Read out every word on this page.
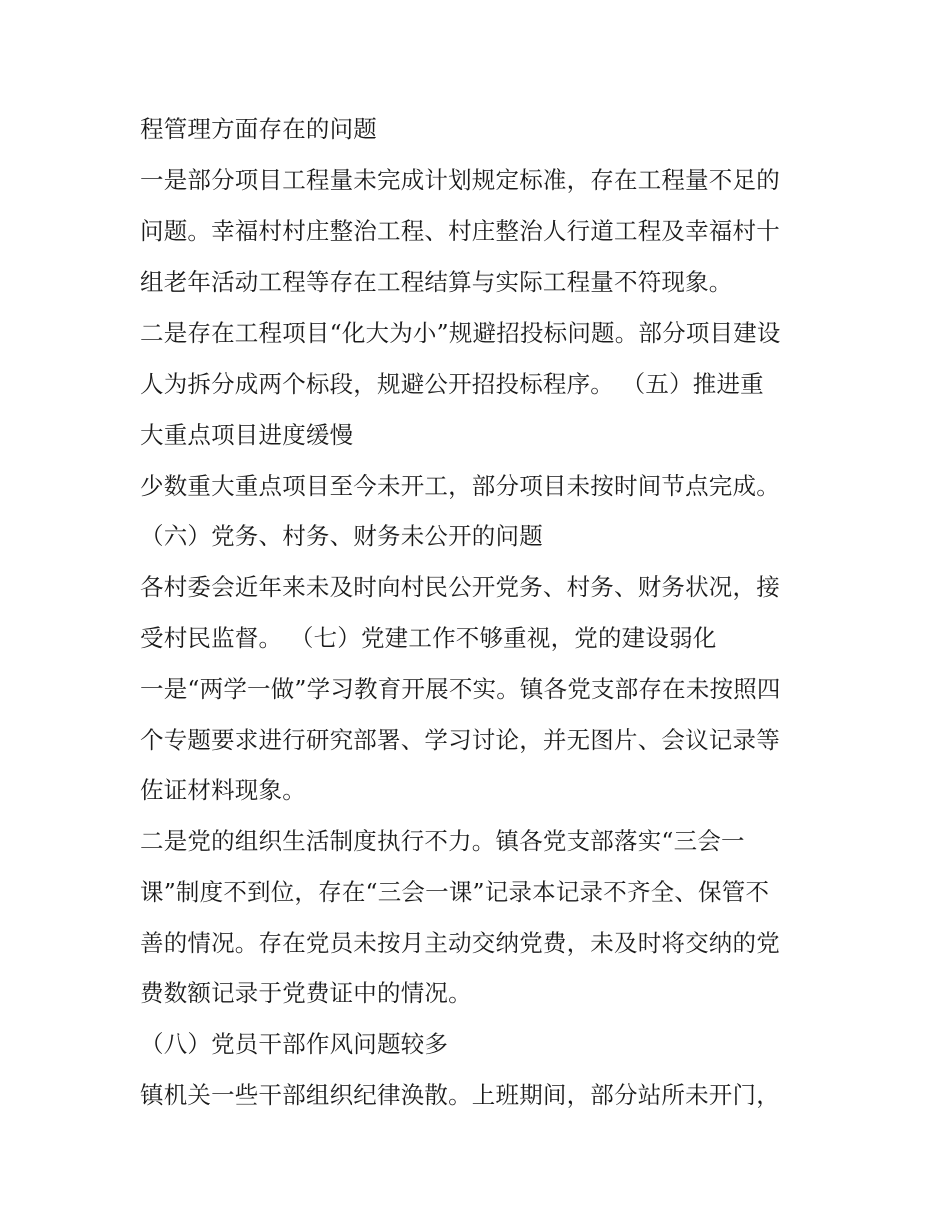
程管理方面存在的问题

一是部分项目工程量未完成计划规定标准，存在工程量不足的

问题。幸福村村庄整治工程、村庄整治人行道工程及幸福村十

组老年活动工程等存在工程结算与实际工程量不符现象。

二是存在工程项目“化大为小”规避招投标问题。部分项目建设

人为拆分成两个标段，规避公开招投标程序。 （五）推进重

大重点项目进度缓慢

少数重大重点项目至今未开工，部分项目未按时间节点完成。

（六）党务、村务、财务未公开的问题

各村委会近年来未及时向村民公开党务、村务、财务状况，接

受村民监督。 （七）党建工作不够重视，党的建设弱化

一是“两学一做”学习教育开展不实。镇各党支部存在未按照四

个专题要求进行研究部署、学习讨论，并无图片、会议记录等

佐证材料现象。

二是党的组织生活制度执行不力。镇各党支部落实“三会一

课”制度不到位，存在“三会一课”记录本记录不齐全、保管不

善的情况。存在党员未按月主动交纳党费，未及时将交纳的党

费数额记录于党费证中的情况。

（八）党员干部作风问题较多

镇机关一些干部组织纪律涣散。上班期间，部分站所未开门，
